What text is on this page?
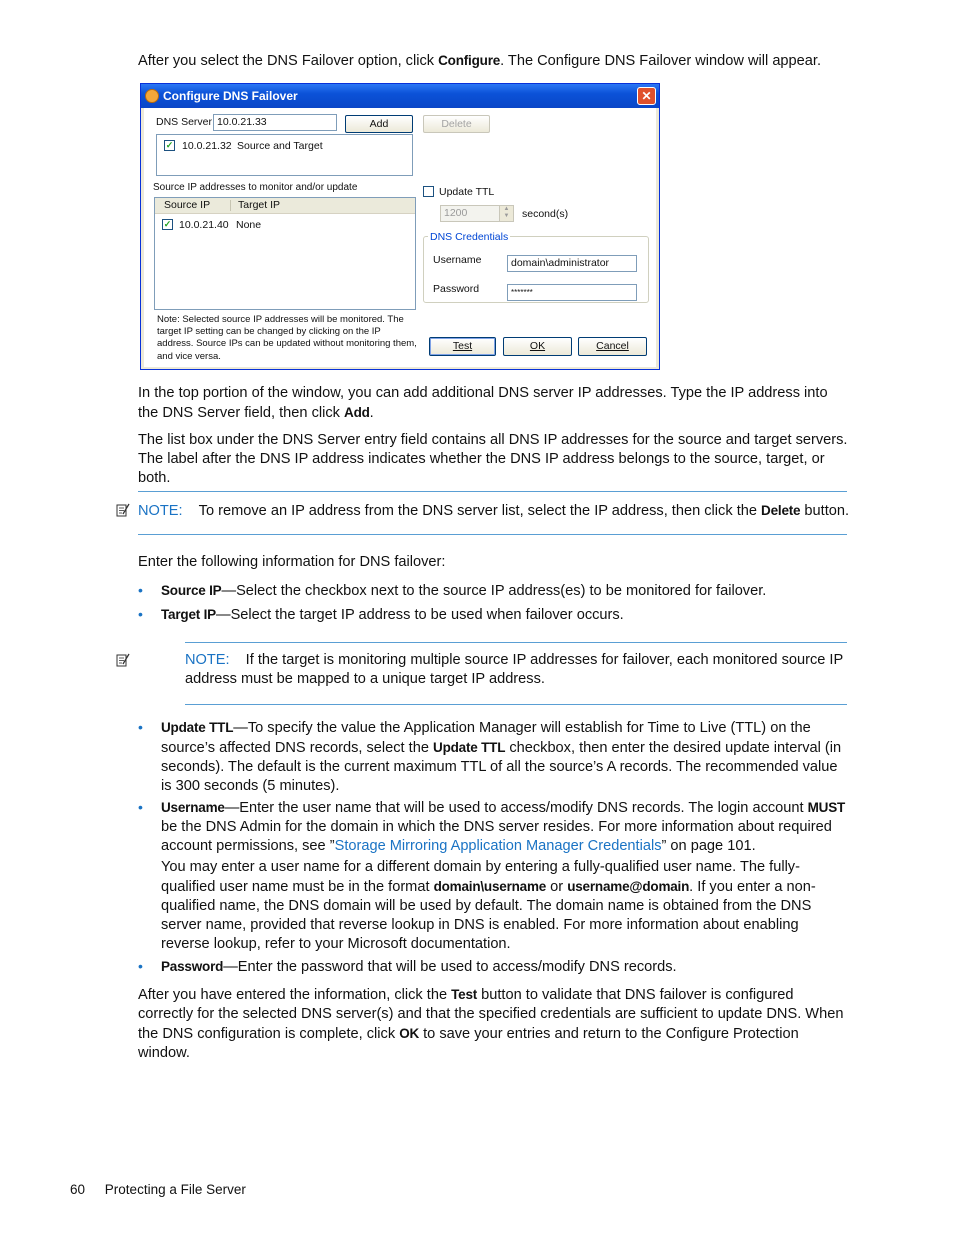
After you select the DNS Failover option, click Configure. The Configure DNS Failover window will appear.
Configure DNS Failover	✕
DNS Server 10.0.21.33	Add	Delete
✓ 10.0.21.32 Source and Target
Source IP addresses to monitor and/or update
Source IP	Target IP
✓ 10.0.21.40 None
Note: Selected source IP addresses will be monitored. The target IP setting can be changed by clicking on the IP address. Source IPs can be updated without monitoring them, and vice versa.
Update TTL
1200	▲
▼	second(s)
DNS Credentials
Username	domain\administrator
Password	*******
Test	OK	Cancel
In the top portion of the window, you can add additional DNS server IP addresses. Type the IP address into the DNS Server field, then click Add.
The list box under the DNS Server entry field contains all DNS IP addresses for the source and target servers. The label after the DNS IP address indicates whether the DNS IP address belongs to the source, target, or both.
NOTE: To remove an IP address from the DNS server list, select the IP address, then click the Delete button.
Enter the following information for DNS failover:
• Source IP—Select the checkbox next to the source IP address(es) to be monitored for failover.
• Target IP—Select the target IP address to be used when failover occurs.
NOTE: If the target is monitoring multiple source IP addresses for failover, each monitored source IP address must be mapped to a unique target IP address.
• Update TTL—To specify the value the Application Manager will establish for Time to Live (TTL) on the source’s affected DNS records, select the Update TTL checkbox, then enter the desired update interval (in seconds). The default is the current maximum TTL of all the source’s A records. The recommended value is 300 seconds (5 minutes).
• Username—Enter the user name that will be used to access/modify DNS records. The login account MUST be the DNS Admin for the domain in which the DNS server resides. For more information about required account permissions, see ”Storage Mirroring Application Manager Credentials” on page 101.
You may enter a user name for a different domain by entering a fully-qualified user name. The fully-qualified user name must be in the format domain\username or username@domain. If you enter a non-qualified name, the DNS domain will be used by default. The domain name is obtained from the DNS server name, provided that reverse lookup in DNS is enabled. For more information about enabling reverse lookup, refer to your Microsoft documentation.
• Password—Enter the password that will be used to access/modify DNS records.
After you have entered the information, click the Test button to validate that DNS failover is configured correctly for the selected DNS server(s) and that the specified credentials are sufficient to update DNS. When the DNS configuration is complete, click OK to save your entries and return to the Configure Protection window.
60 Protecting a File Server
